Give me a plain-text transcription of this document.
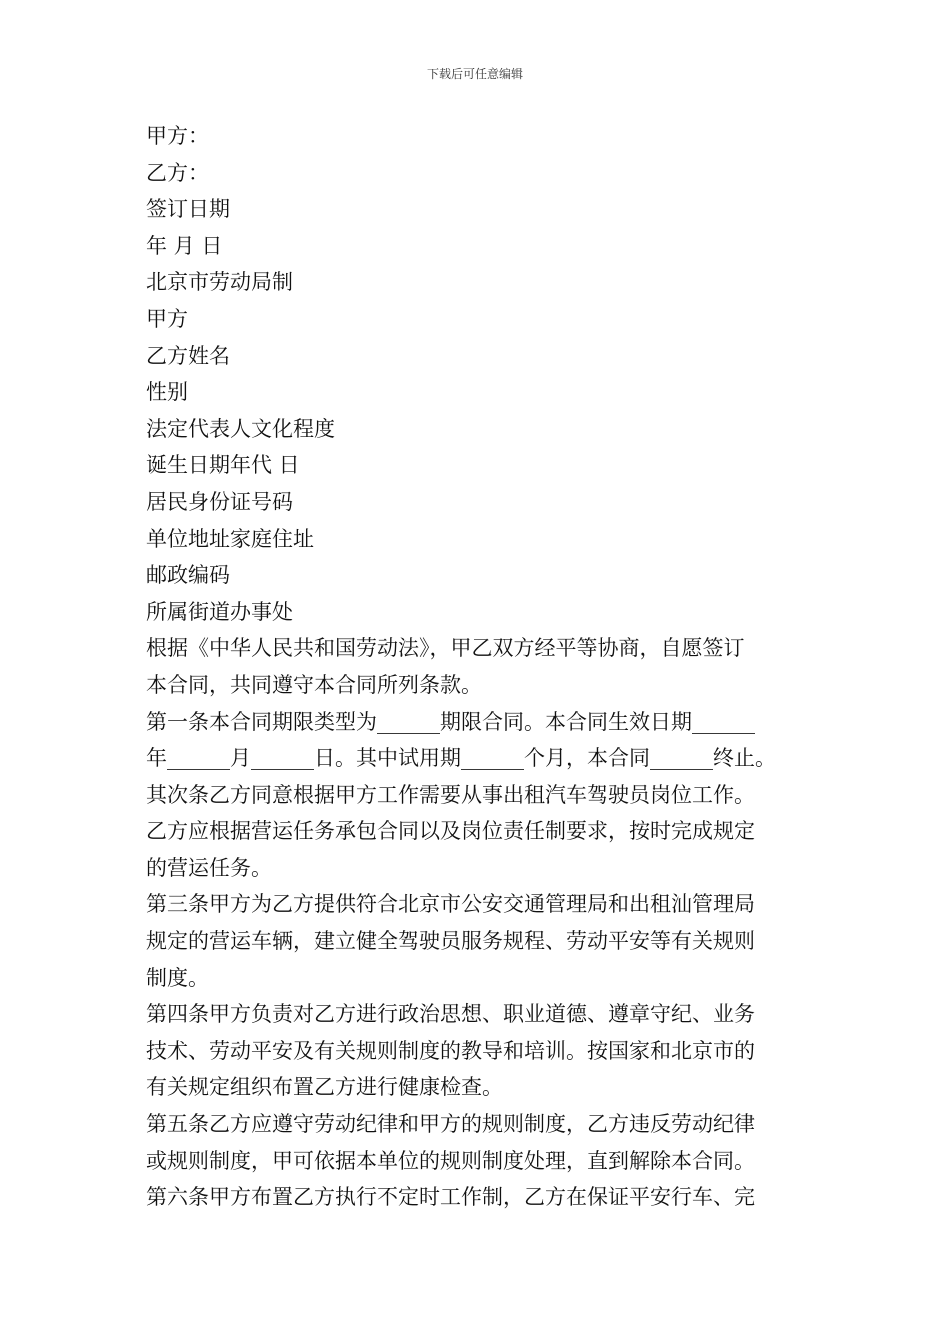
下载后可任意编辑
甲方：
乙方：
签订日期
年 月 日
北京市劳动局制
甲方
乙方姓名
性别
法定代表人文化程度
诞生日期年代 日
居民身份证号码
单位地址家庭住址
邮政编码
所属街道办事处
根据《中华人民共和国劳动法》，甲乙双方经平等协商，自愿签订
本合同，共同遵守本合同所列条款。
第一条本合同期限类型为______期限合同。本合同生效日期______
年______月______日。其中试用期______个月，本合同______终止。
其次条乙方同意根据甲方工作需要从事出租汽车驾驶员岗位工作。
乙方应根据营运任务承包合同以及岗位责任制要求，按时完成规定
的营运任务。
第三条甲方为乙方提供符合北京市公安交通管理局和出租汕管理局
规定的营运车辆，建立健全驾驶员服务规程、劳动平安等有关规则
制度。
第四条甲方负责对乙方进行政治思想、职业道德、遵章守纪、业务
技术、劳动平安及有关规则制度的教导和培训。按国家和北京市的
有关规定组织布置乙方进行健康检查。
第五条乙方应遵守劳动纪律和甲方的规则制度，乙方违反劳动纪律
或规则制度，甲可依据本单位的规则制度处理，直到解除本合同。
第六条甲方布置乙方执行不定时工作制，乙方在保证平安行车、完
